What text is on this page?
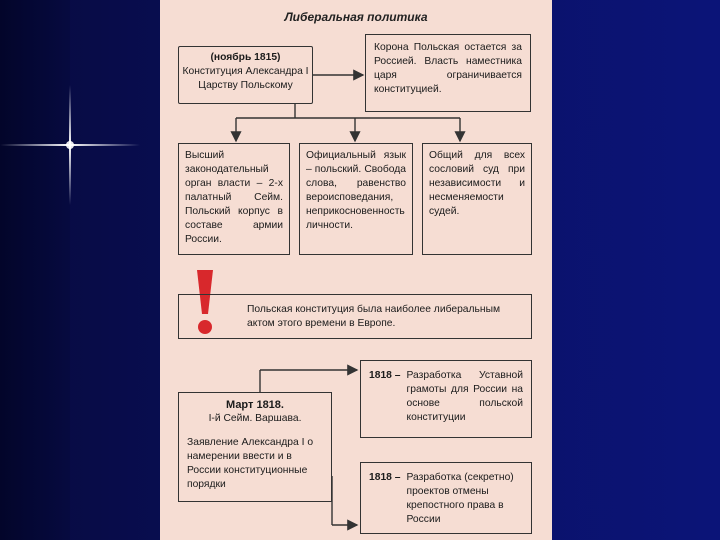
Либеральная политика
(ноябрь 1815)
Конституция Александра I
Царству Польскому
Корона Польская остается за Россией. Власть наместника царя ограничивается конституцией.
Высший законодательный орган власти – 2-х палатный Сейм. Польский корпус в составе армии России.
Официальный язык – польский. Свобода слова, равенство вероисповедания, неприкосновенность личности.
Общий для всех сословий суд при независимости и несменяемости судей.
Польская конституция была наиболее либеральным актом этого времени в Европе.
Март 1818.
I-й Сейм. Варшава.
Заявление Александра I о намерении ввести и в России конституционные порядки
1818 – Разработка Уставной грамоты для России на основе польской конституции
1818 – Разработка (секретно) проектов отмены крепостного права в России
